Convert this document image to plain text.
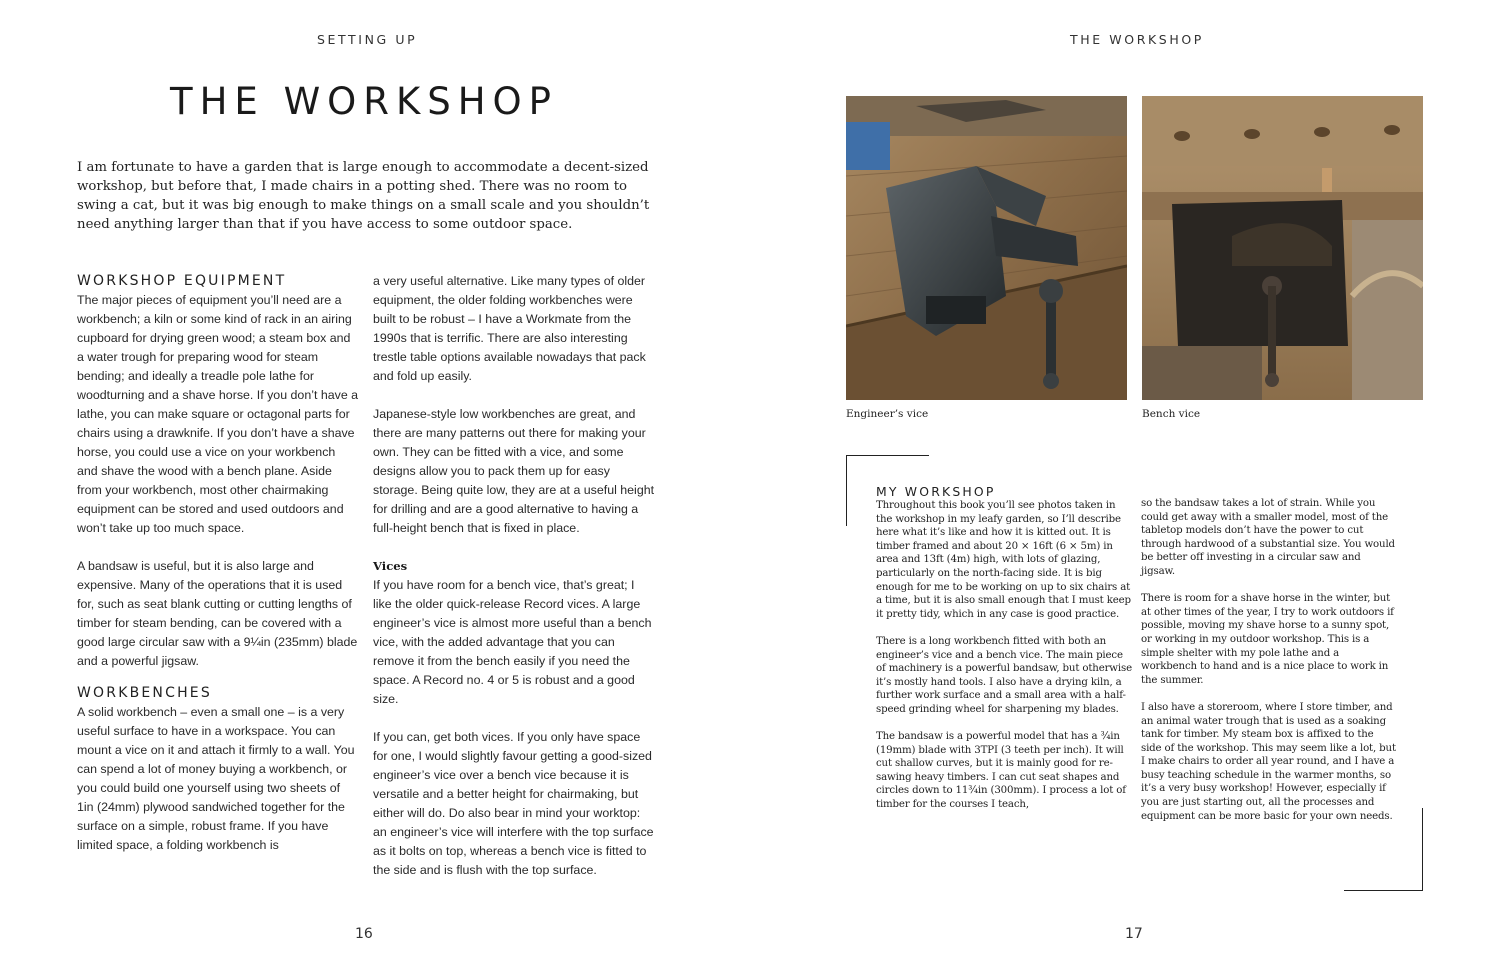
SETTING UP
THE WORKSHOP

I am fortunate to have a garden that is large enough to accommodate a decent-sized workshop, but before that, I made chairs in a potting shed. There was no room to swing a cat, but it was big enough to make things on a small scale and you shouldn’t need anything larger than that if you have access to some outdoor space.

WORKSHOP EQUIPMENT

The major pieces of equipment you’ll need are a workbench; a kiln or some kind of rack in an airing cupboard for drying green wood; a steam box and a water trough for preparing wood for steam bending; and ideally a treadle pole lathe for woodturning and a shave horse. If you don’t have a lathe, you can make square or octagonal parts for chairs using a drawknife. If you don’t have a shave horse, you could use a vice on your workbench and shave the wood with a bench plane. Aside from your workbench, most other chairmaking equipment can be stored and used outdoors and won’t take up too much space.

A bandsaw is useful, but it is also large and expensive. Many of the operations that it is used for, such as seat blank cutting or cutting lengths of timber for steam bending, can be covered with a good large circular saw with a 9¼in (235mm) blade and a powerful jigsaw.

WORKBENCHES

A solid workbench – even a small one – is a very useful surface to have in a workspace. You can mount a vice on it and attach it firmly to a wall. You can spend a lot of money buying a workbench, or you could build one yourself using two sheets of 1in (24mm) plywood sandwiched together for the surface on a simple, robust frame. If you have limited space, a folding workbench is

a very useful alternative. Like many types of older equipment, the older folding workbenches were built to be robust – I have a Workmate from the 1990s that is terrific. There are also interesting trestle table options available nowadays that pack and fold up easily.

Japanese-style low workbenches are great, and there are many patterns out there for making your own. They can be fitted with a vice, and some designs allow you to pack them up for easy storage. Being quite low, they are at a useful height for drilling and are a good alternative to having a full-height bench that is fixed in place.

Vices

If you have room for a bench vice, that’s great; I like the older quick-release Record vices. A large engineer’s vice is almost more useful than a bench vice, with the added advantage that you can remove it from the bench easily if you need the space. A Record no. 4 or 5 is robust and a good size.

If you can, get both vices. If you only have space for one, I would slightly favour getting a good-sized engineer’s vice over a bench vice because it is versatile and a better height for chairmaking, but either will do. Do also bear in mind your worktop: an engineer’s vice will interfere with the top surface as it bolts on top, whereas a bench vice is fitted to the side and is flush with the top surface.

16
THE WORKSHOP
Engineer’s vice	Bench vice
MY WORKSHOP

Throughout this book you’ll see photos taken in the workshop in my leafy garden, so I’ll describe here what it’s like and how it is kitted out. It is timber framed and about 20 × 16ft (6 × 5m) in area and 13ft (4m) high, with lots of glazing, particularly on the north-facing side. It is big enough for me to be working on up to six chairs at a time, but it is also small enough that I must keep it pretty tidy, which in any case is good practice.

There is a long workbench fitted with both an engineer’s vice and a bench vice. The main piece of machinery is a powerful bandsaw, but otherwise it’s mostly hand tools. I also have a drying kiln, a further work surface and a small area with a half-speed grinding wheel for sharpening my blades.

The bandsaw is a powerful model that has a ¾in (19mm) blade with 3TPI (3 teeth per inch). It will cut shallow curves, but it is mainly good for re-sawing heavy timbers. I can cut seat shapes and circles down to 11¾in (300mm). I process a lot of timber for the courses I teach,

so the bandsaw takes a lot of strain. While you could get away with a smaller model, most of the tabletop models don’t have the power to cut through hardwood of a substantial size. You would be better off investing in a circular saw and jigsaw.

There is room for a shave horse in the winter, but at other times of the year, I try to work outdoors if possible, moving my shave horse to a sunny spot, or working in my outdoor workshop. This is a simple shelter with my pole lathe and a workbench to hand and is a nice place to work in the summer.

I also have a storeroom, where I store timber, and an animal water trough that is used as a soaking tank for timber. My steam box is affixed to the side of the workshop. This may seem like a lot, but I make chairs to order all year round, and I have a busy teaching schedule in the warmer months, so it’s a very busy workshop! However, especially if you are just starting out, all the processes and equipment can be more basic for your own needs.

17
